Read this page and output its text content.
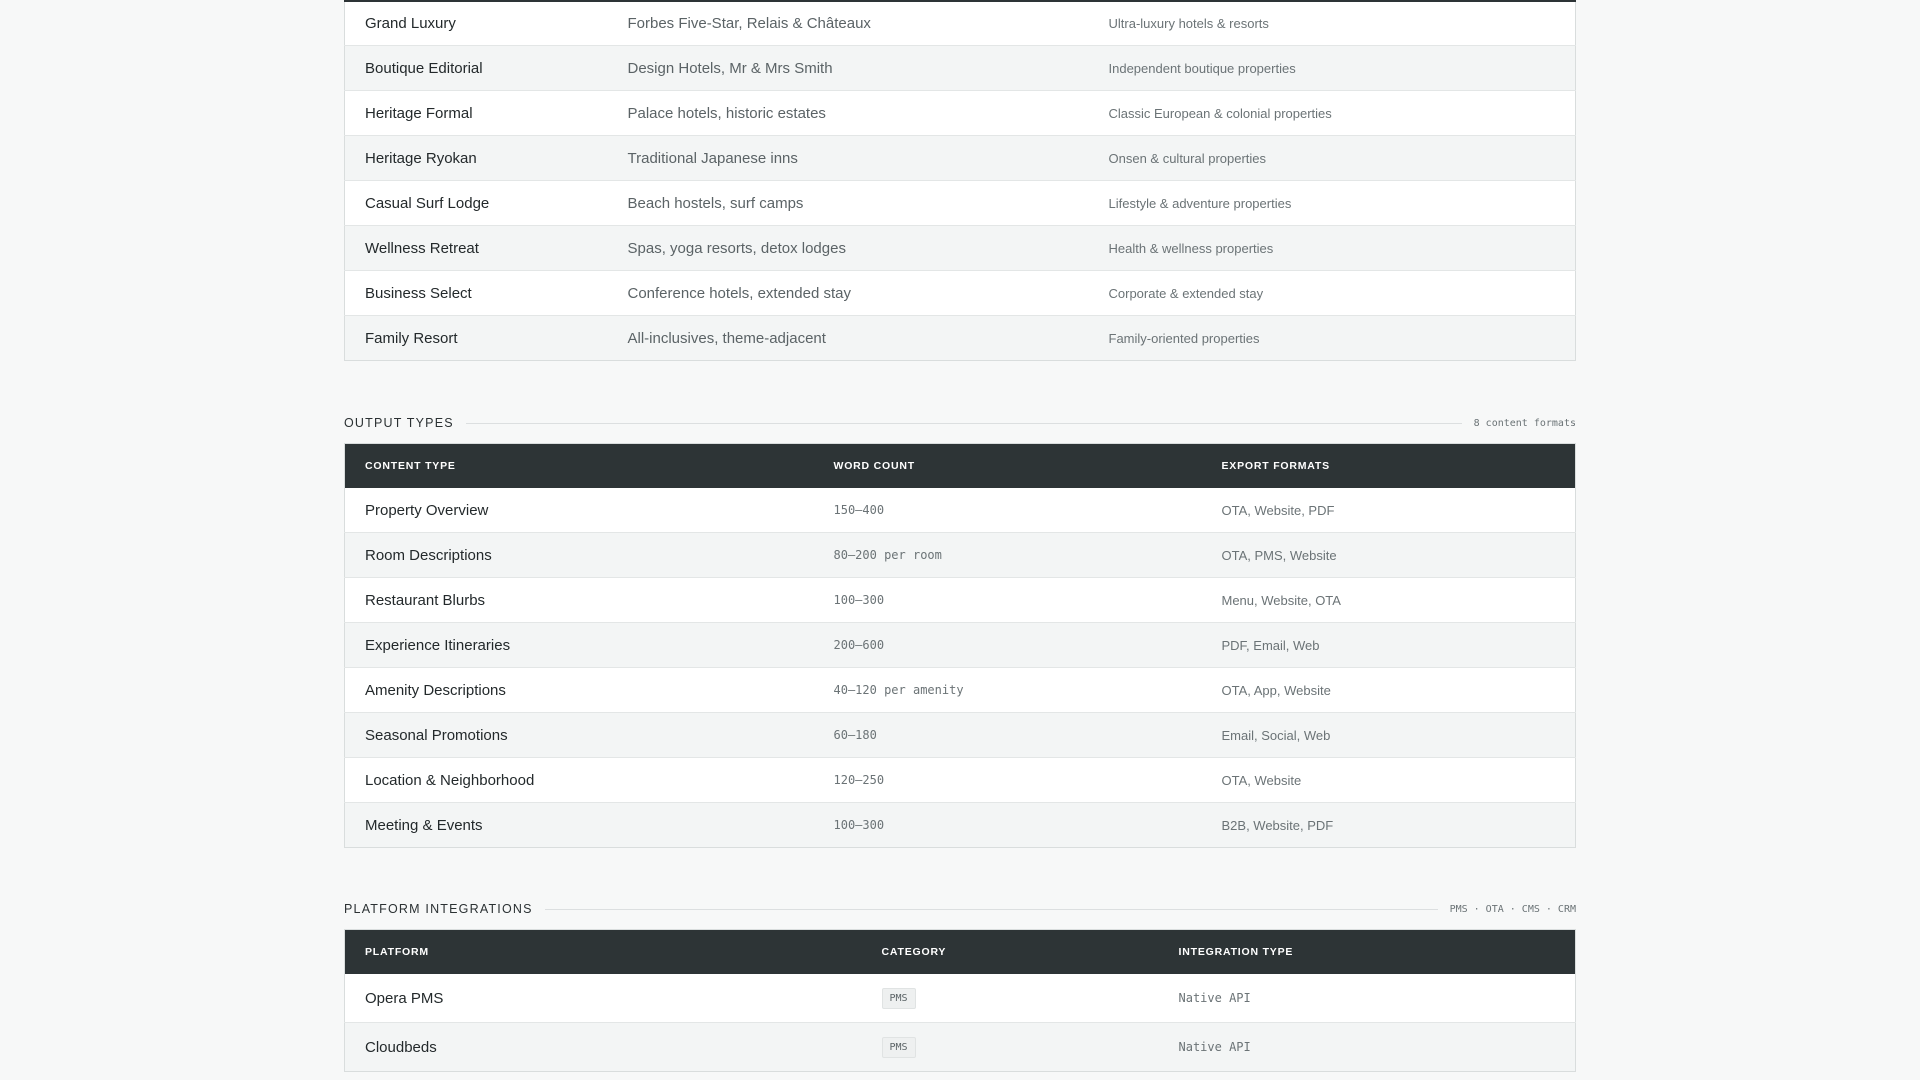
Grand Luxury	Forbes Five-Star, Relais & Châteaux	Ultra-luxury hotels & resorts
Boutique Editorial	Design Hotels, Mr & Mrs Smith	Independent boutique properties
Heritage Formal	Palace hotels, historic estates	Classic European & colonial properties
Heritage Ryokan	Traditional Japanese inns	Onsen & cultural properties
Casual Surf Lodge	Beach hostels, surf camps	Lifestyle & adventure properties
Wellness Retreat	Spas, yoga resorts, detox lodges	Health & wellness properties
Business Select	Conference hotels, extended stay	Corporate & extended stay
Family Resort	All-inclusives, theme-adjacent	Family-oriented properties
OUTPUT TYPES	8 content formats
CONTENT TYPE	WORD COUNT	EXPORT FORMATS
Property Overview	150–400	OTA, Website, PDF
Room Descriptions	80–200 per room	OTA, PMS, Website
Restaurant Blurbs	100–300	Menu, Website, OTA
Experience Itineraries	200–600	PDF, Email, Web
Amenity Descriptions	40–120 per amenity	OTA, App, Website
Seasonal Promotions	60–180	Email, Social, Web
Location & Neighborhood	120–250	OTA, Website
Meeting & Events	100–300	B2B, Website, PDF
PLATFORM INTEGRATIONS	PMS · OTA · CMS · CRM
PLATFORM	CATEGORY	INTEGRATION TYPE
Opera PMS	PMS	Native API
Cloudbeds	PMS	Native API
